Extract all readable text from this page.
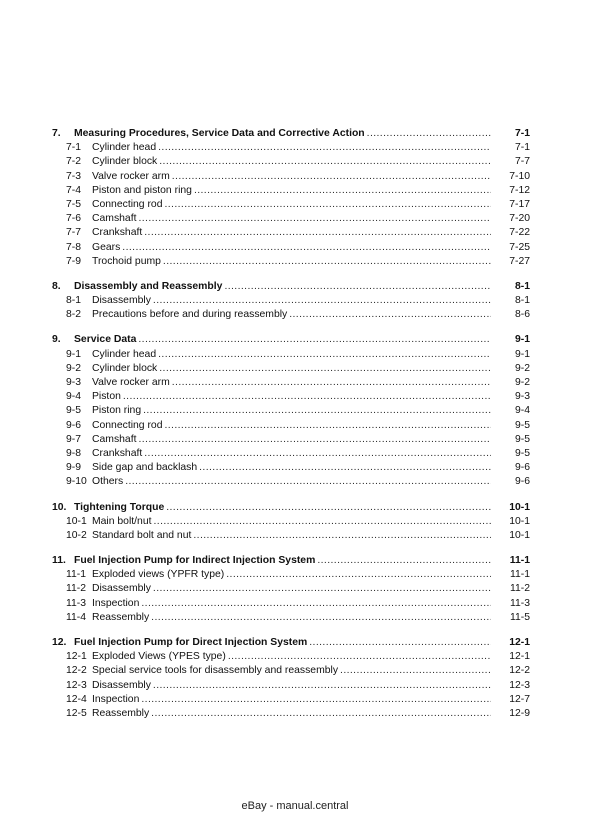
7.	Measuring Procedures, Service Data and Corrective Action .....	7-1
7-1	Cylinder head .....	7-1
7-2	Cylinder block .....	7-7
7-3	Valve rocker arm .....	7-10
7-4	Piston and piston ring .....	7-12
7-5	Connecting rod .....	7-17
7-6	Camshaft .....	7-20
7-7	Crankshaft .....	7-22
7-8	Gears .....	7-25
7-9	Trochoid pump .....	7-27
8.	Disassembly and Reassembly .....	8-1
8-1	Disassembly .....	8-1
8-2	Precautions before and during reassembly .....	8-6
9.	Service Data .....	9-1
9-1	Cylinder head .....	9-1
9-2	Cylinder block .....	9-2
9-3	Valve rocker arm .....	9-2
9-4	Piston .....	9-3
9-5	Piston ring .....	9-4
9-6	Connecting rod .....	9-5
9-7	Camshaft .....	9-5
9-8	Crankshaft .....	9-5
9-9	Side gap and backlash .....	9-6
9-10 Others .....	9-6
10. Tightening Torque .....	10-1
10-1 Main bolt/nut .....	10-1
10-2 Standard bolt and nut .....	10-1
11. Fuel Injection Pump for Indirect Injection System .....	11-1
11-1 Exploded views (YPFR type) .....	11-1
11-2 Disassembly .....	11-2
11-3 Inspection .....	11-3
11-4 Reassembly .....	11-5
12. Fuel Injection Pump for Direct Injection System .....	12-1
12-1 Exploded Views (YPES type) .....	12-1
12-2 Special service tools for disassembly and reassembly .....	12-2
12-3 Disassembly .....	12-3
12-4 Inspection .....	12-7
12-5 Reassembly .....	12-9
eBay - manual.central
